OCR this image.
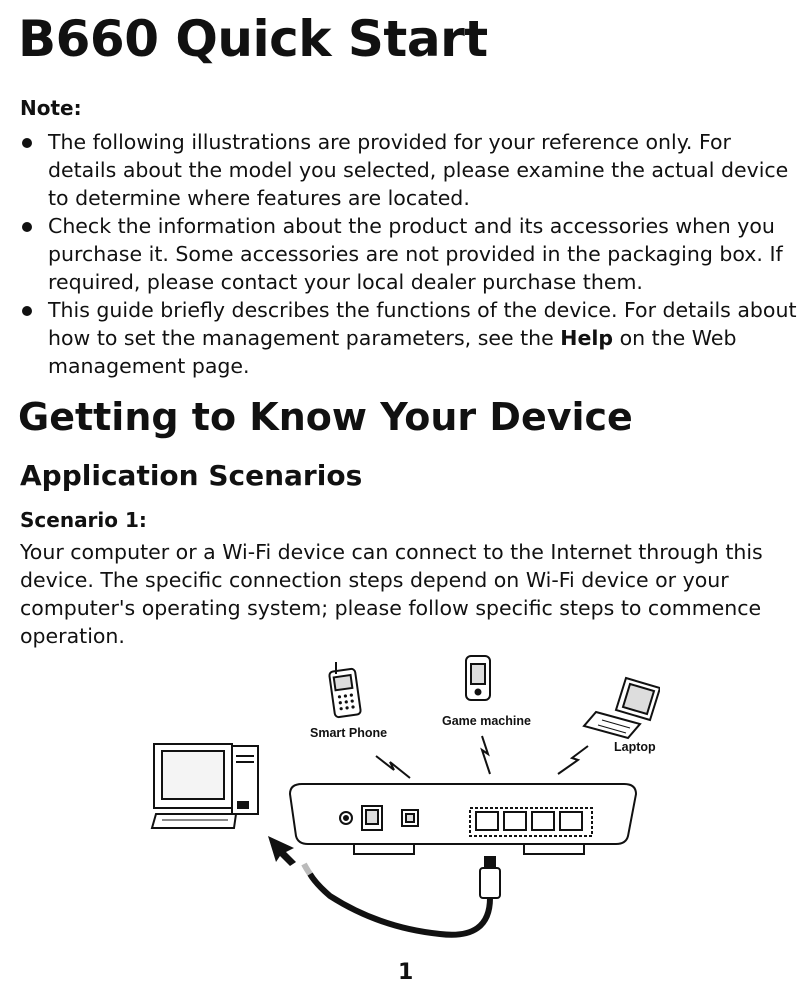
B660 Quick Start
Note:
The following illustrations are provided for your reference only. For details about the model you selected, please examine the actual device to determine where features are located.
Check the information about the product and its accessories when you purchase it. Some accessories are not provided in the packaging box. If required, please contact your local dealer purchase them.
This guide briefly describes the functions of the device. For details about how to set the management parameters, see the Help on the Web management page.
Getting to Know Your Device
Application Scenarios
Scenario 1:

Your computer or a Wi-Fi device can connect to the Internet through this device. The specific connection steps depend on Wi-Fi device or your computer's operating system; please follow specific steps to commence operation.

Smart Phone
Game machine
Laptop
1
